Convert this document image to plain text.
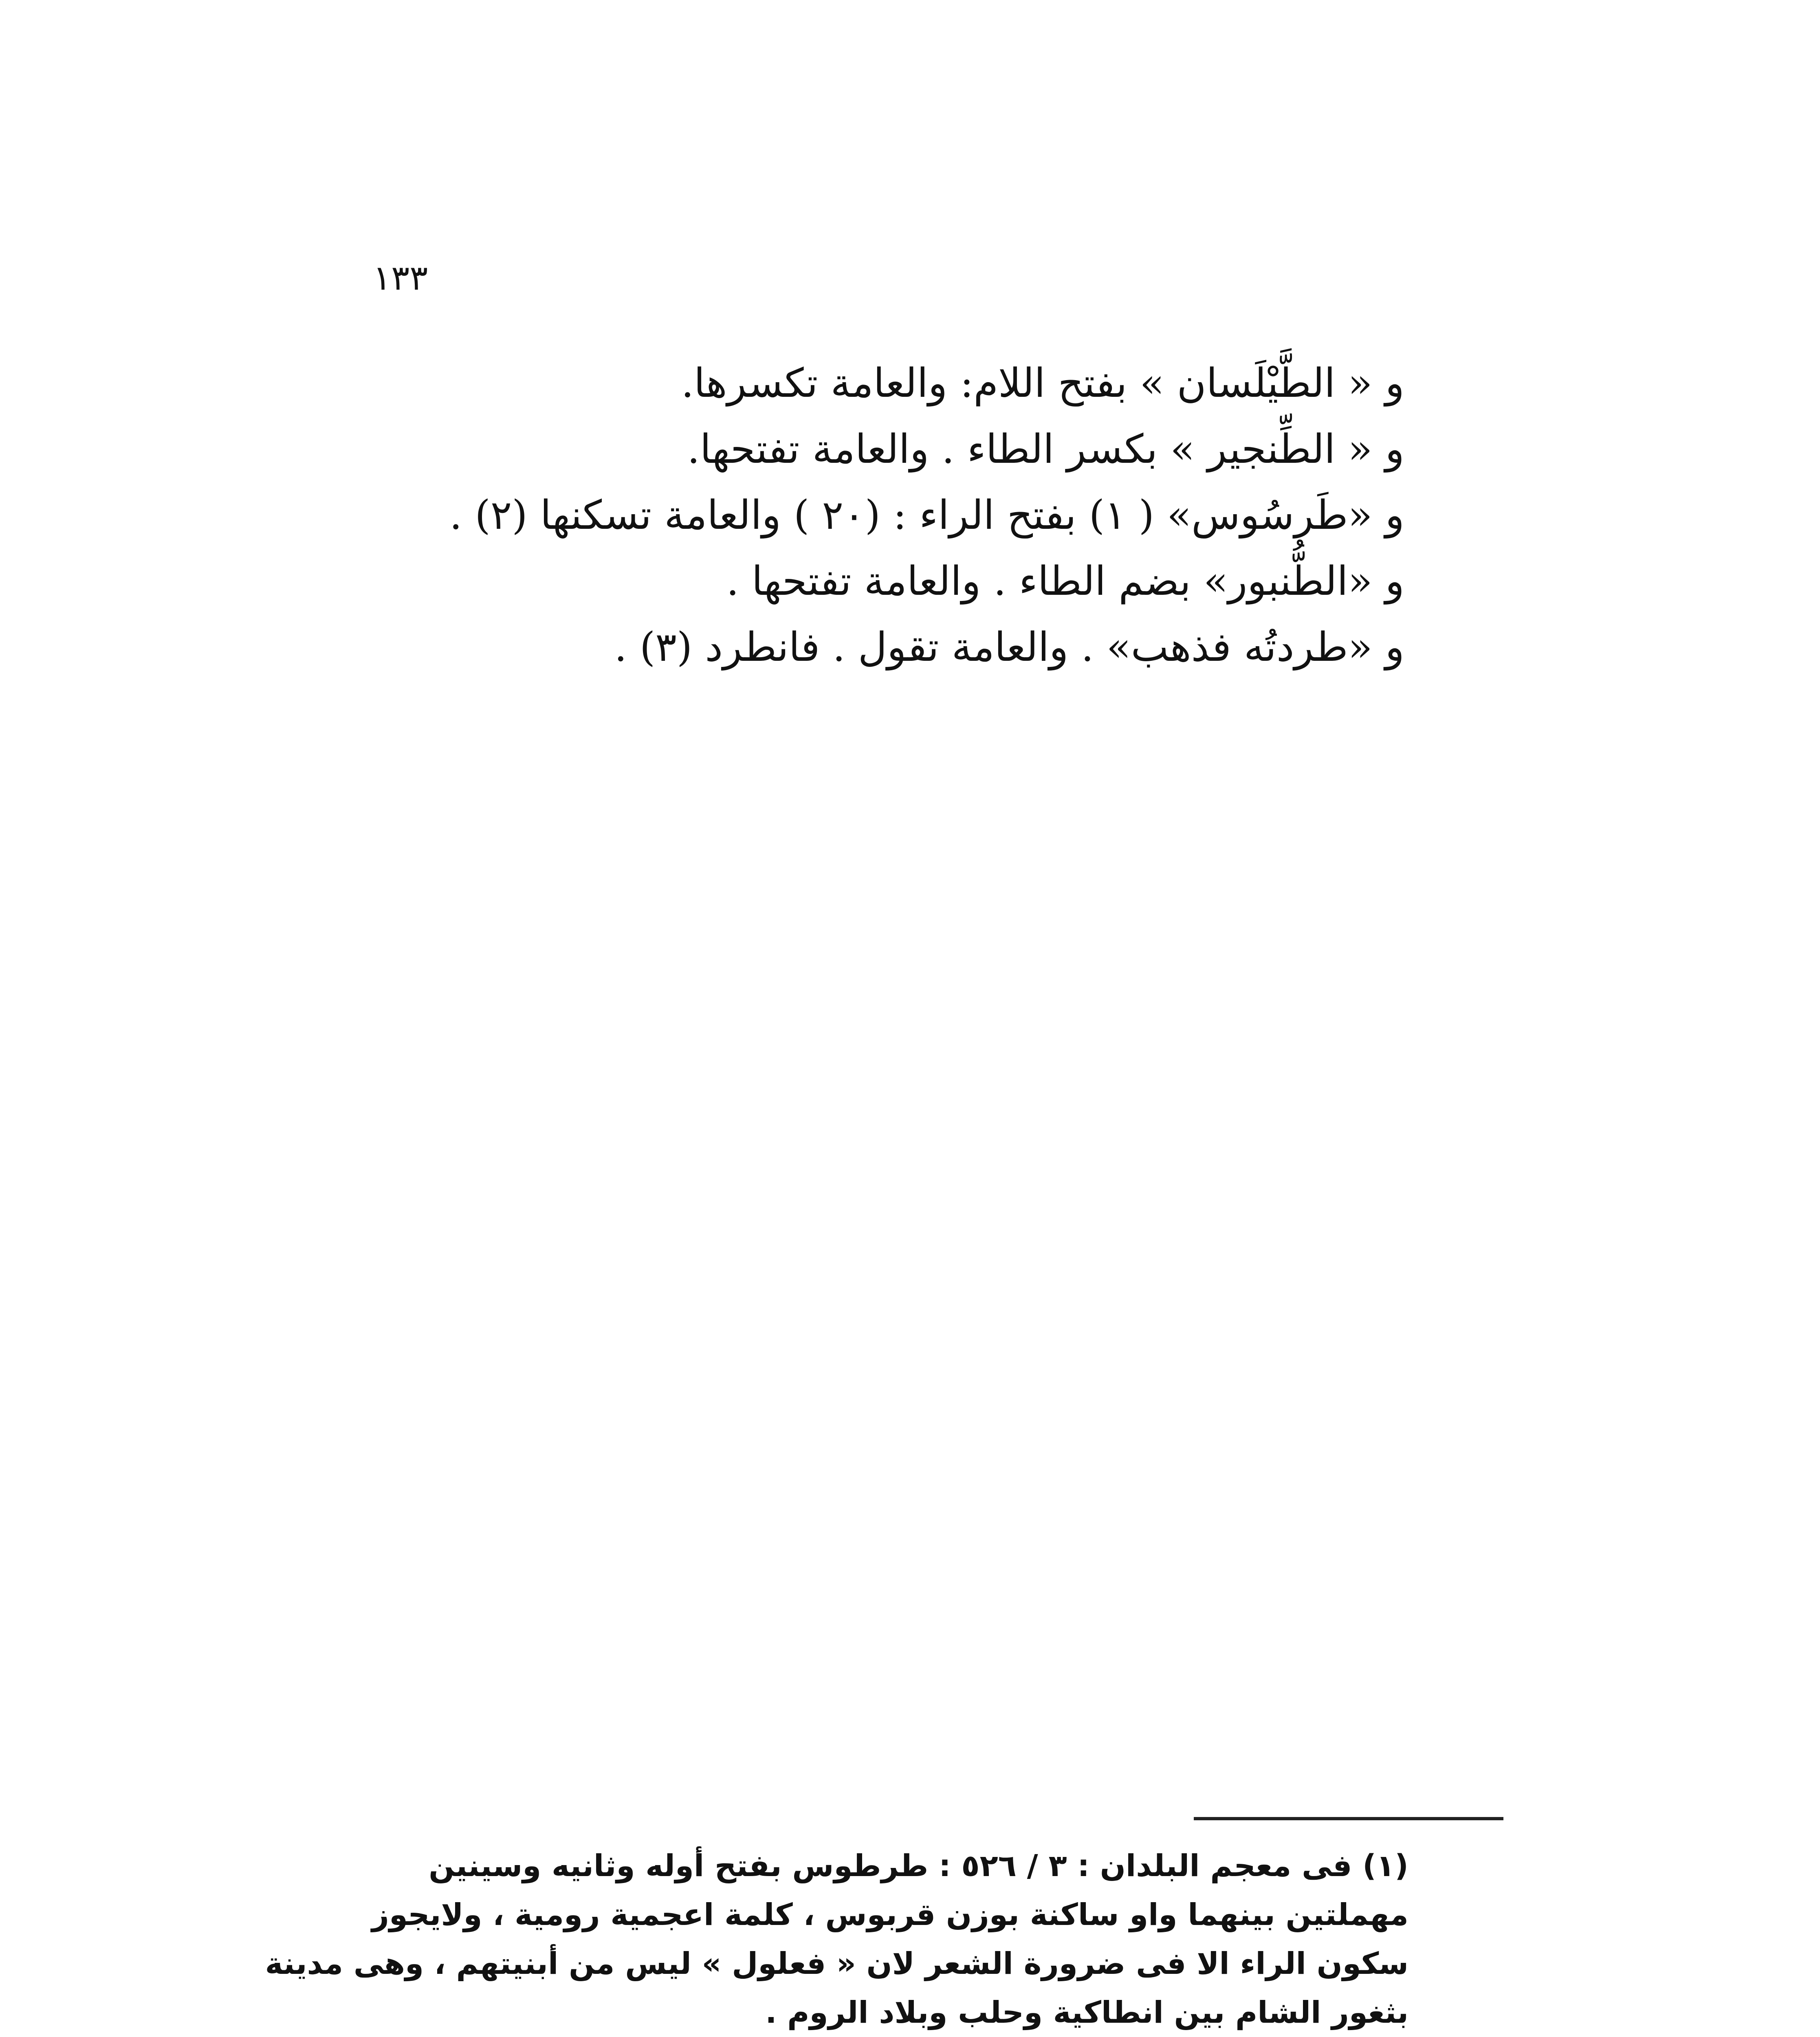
١٣٣
و « الطَّيْلَسان » بفتح اللام: والعامة تكسرها.
و « الطِّنجير » بكسر الطاء . والعامة تفتحها.
و «طَرسُوس» ( ١) بفتح الراء : (٢٠ ) والعامة تسكنها (٢) .
و «الطُّنبور» بضم الطاء . والعامة تفتحها .
و «طردتُه فذهب» . والعامة تقول . فانطرد (٣) .
(١) فى معجم البلدان : ٣ / ٥٢٦ : طرطوس بفتح أوله وثانيه وسينين
مهملتين بينهما واو ساكنة بوزن قربوس ، كلمة اعجمية رومية ، ولايجوز
سكون الراء الا فى ضرورة الشعر لان « فعلول » ليس من أبنيتهم ، وهى مدينة
بثغور الشام بين انطاكية وحلب وبلاد الروم .
